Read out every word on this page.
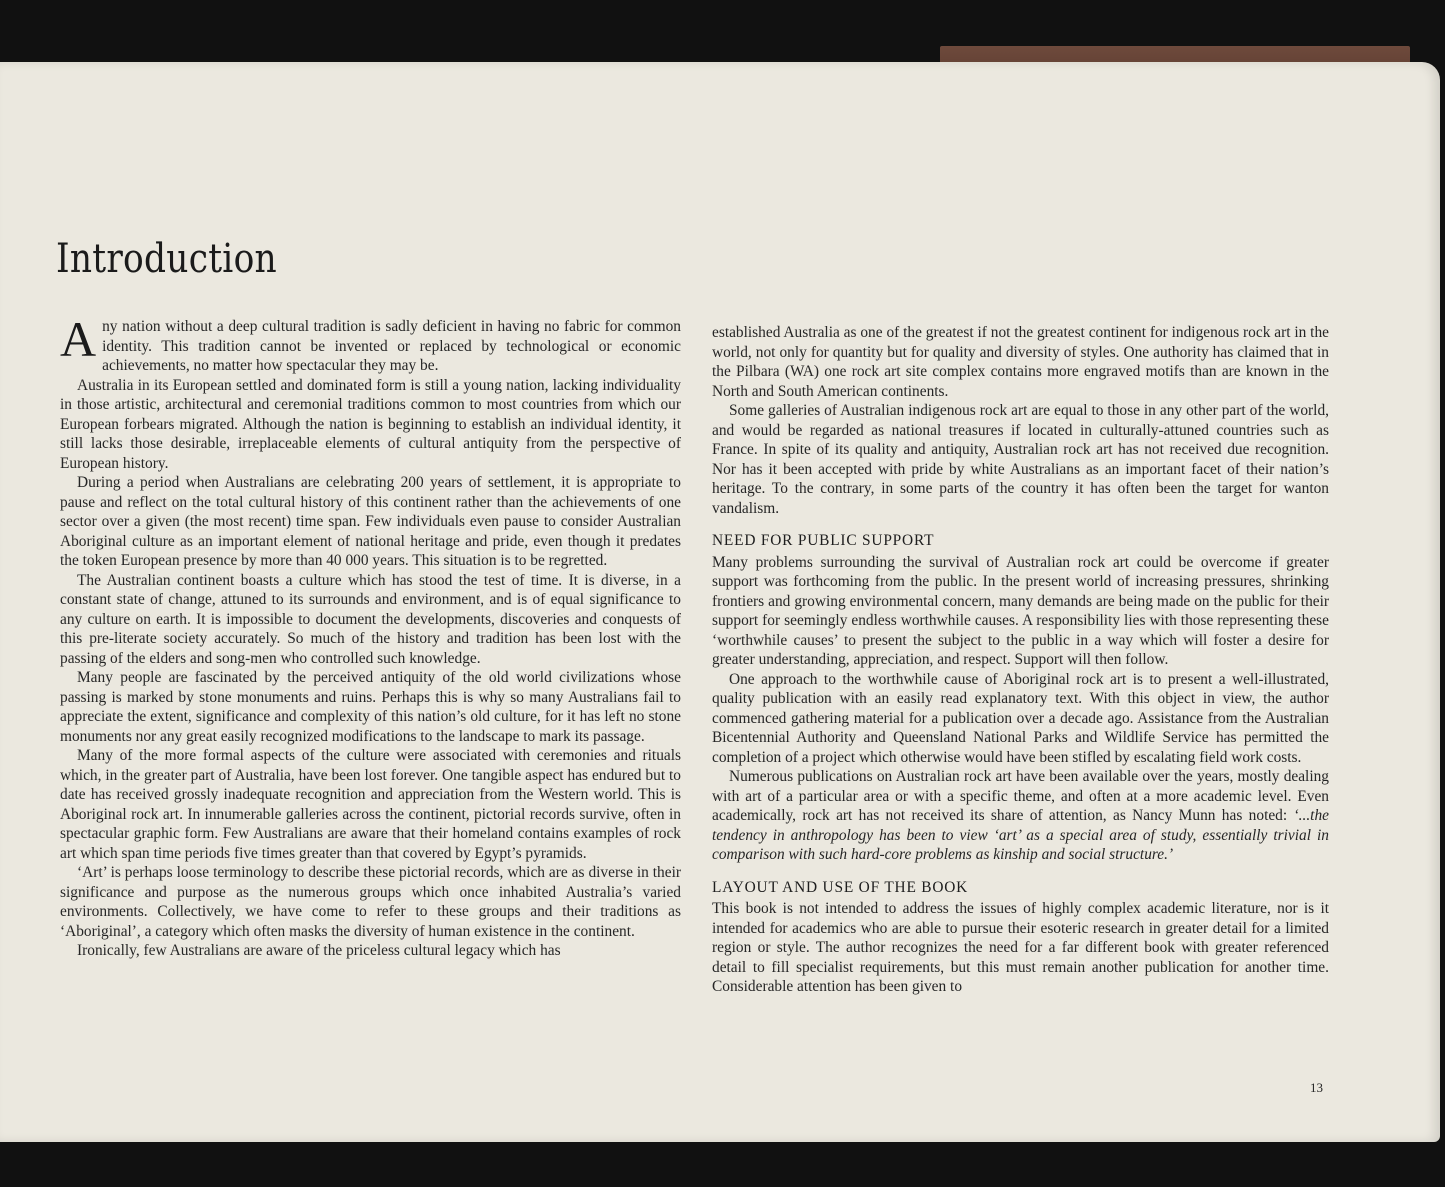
Introduction

Any nation without a deep cultural tradition is sadly deficient in having no fabric for common identity. This tradition cannot be invented or replaced by technological or economic achievements, no matter how spectacular they may be.

Australia in its European settled and dominated form is still a young nation, lacking individuality in those artistic, architectural and ceremonial traditions common to most countries from which our European forbears migrated. Although the nation is beginning to establish an individual identity, it still lacks those desirable, irreplaceable elements of cultural antiquity from the perspective of European history.

During a period when Australians are celebrating 200 years of settlement, it is appropriate to pause and reflect on the total cultural history of this continent rather than the achievements of one sector over a given (the most recent) time span. Few individuals even pause to consider Australian Aboriginal culture as an important element of national heritage and pride, even though it predates the token European presence by more than 40 000 years. This situation is to be regretted.

The Australian continent boasts a culture which has stood the test of time. It is diverse, in a constant state of change, attuned to its surrounds and environment, and is of equal significance to any culture on earth. It is impossible to document the developments, discoveries and conquests of this pre-literate society accurately. So much of the history and tradition has been lost with the passing of the elders and song-men who controlled such knowledge.

Many people are fascinated by the perceived antiquity of the old world civilizations whose passing is marked by stone monuments and ruins. Perhaps this is why so many Australians fail to appreciate the extent, significance and complexity of this nation’s old culture, for it has left no stone monuments nor any great easily recognized modifications to the landscape to mark its passage.

Many of the more formal aspects of the culture were associated with ceremonies and rituals which, in the greater part of Australia, have been lost forever. One tangible aspect has endured but to date has received grossly inadequate recognition and appreciation from the Western world. This is Aboriginal rock art. In innumerable galleries across the continent, pictorial records survive, often in spectacular graphic form. Few Australians are aware that their homeland contains examples of rock art which span time periods five times greater than that covered by Egypt’s pyramids.

‘Art’ is perhaps loose terminology to describe these pictorial records, which are as diverse in their significance and purpose as the numerous groups which once inhabited Australia’s varied environments. Collectively, we have come to refer to these groups and their traditions as ‘Aboriginal’, a category which often masks the diversity of human existence in the continent.

Ironically, few Australians are aware of the priceless cultural legacy which has

established Australia as one of the greatest if not the greatest continent for indigenous rock art in the world, not only for quantity but for quality and diversity of styles. One authority has claimed that in the Pilbara (WA) one rock art site complex contains more engraved motifs than are known in the North and South American continents.

Some galleries of Australian indigenous rock art are equal to those in any other part of the world, and would be regarded as national treasures if located in culturally-attuned countries such as France. In spite of its quality and antiquity, Australian rock art has not received due recognition. Nor has it been accepted with pride by white Australians as an important facet of their nation’s heritage. To the contrary, in some parts of the country it has often been the target for wanton vandalism.

NEED FOR PUBLIC SUPPORT

Many problems surrounding the survival of Australian rock art could be overcome if greater support was forthcoming from the public. In the present world of increasing pressures, shrinking frontiers and growing environmental concern, many demands are being made on the public for their support for seemingly endless worthwhile causes. A responsibility lies with those representing these ‘worthwhile causes’ to present the subject to the public in a way which will foster a desire for greater understanding, appreciation, and respect. Support will then follow.

One approach to the worthwhile cause of Aboriginal rock art is to present a well-illustrated, quality publication with an easily read explanatory text. With this object in view, the author commenced gathering material for a publication over a decade ago. Assistance from the Australian Bicentennial Authority and Queensland National Parks and Wildlife Service has permitted the completion of a project which otherwise would have been stifled by escalating field work costs.

Numerous publications on Australian rock art have been available over the years, mostly dealing with art of a particular area or with a specific theme, and often at a more academic level. Even academically, rock art has not received its share of attention, as Nancy Munn has noted: ‘...the tendency in anthropology has been to view ‘art’ as a special area of study, essentially trivial in comparison with such hard-core problems as kinship and social structure.’

LAYOUT AND USE OF THE BOOK

This book is not intended to address the issues of highly complex academic literature, nor is it intended for academics who are able to pursue their esoteric research in greater detail for a limited region or style. The author recognizes the need for a far different book with greater referenced detail to fill specialist requirements, but this must remain another publication for another time. Considerable attention has been given to

13
